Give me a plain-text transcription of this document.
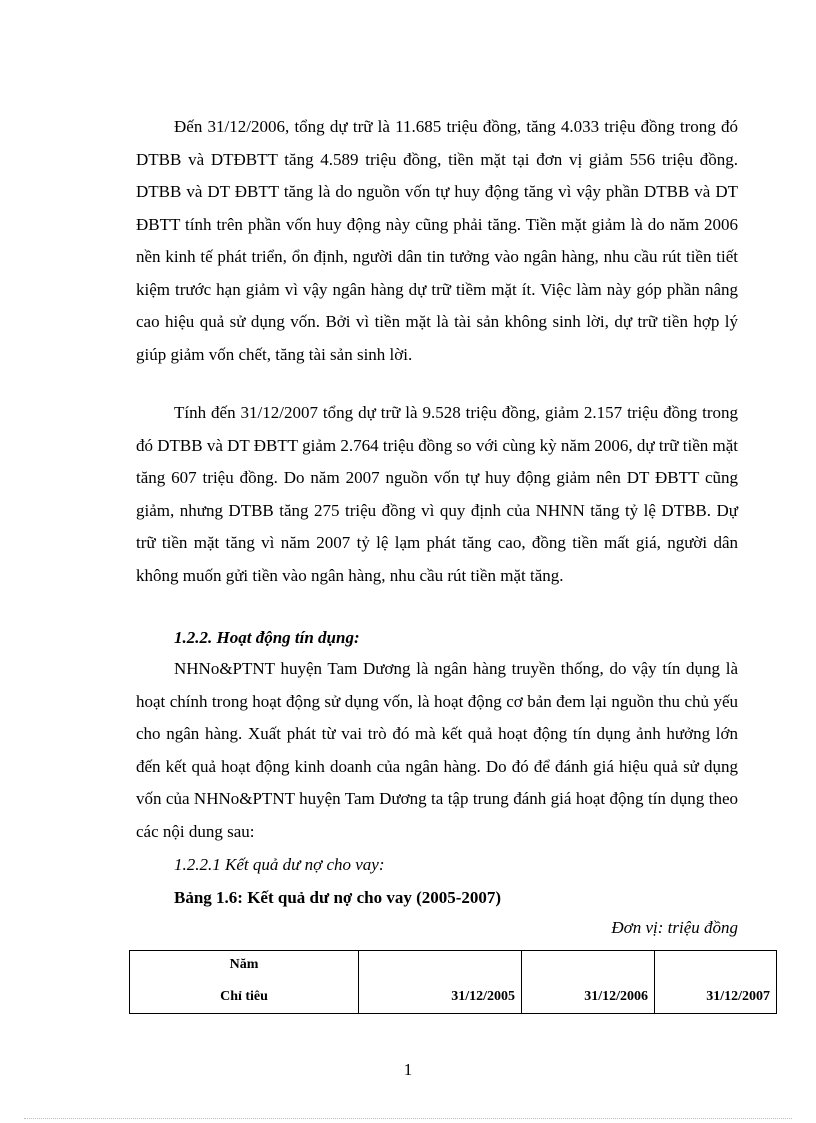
Đến 31/12/2006, tổng dự trữ là 11.685 triệu đồng, tăng 4.033 triệu đồng trong đó DTBB và DTĐBTT tăng 4.589 triệu đồng, tiền mặt tại đơn vị giảm 556 triệu đồng. DTBB và DT ĐBTT tăng là do nguồn vốn tự huy động tăng vì vậy phần DTBB và DT ĐBTT tính trên phần vốn huy động này cũng phải tăng. Tiền mặt giảm là do năm 2006 nền kinh tế phát triển, ổn định, người dân tin tưởng vào ngân hàng, nhu cầu rút tiền tiết kiệm trước hạn giảm vì vậy ngân hàng dự trữ tiềm mặt ít. Việc làm này góp phần nâng cao hiệu quả sử dụng vốn. Bởi vì tiền mặt là tài sản không sinh lời, dự trữ tiền hợp lý giúp giảm vốn chết, tăng tài sản sinh lời.

Tính đến 31/12/2007 tổng dự trữ là 9.528 triệu đồng, giảm 2.157 triệu đồng trong đó DTBB và DT ĐBTT giảm 2.764 triệu đồng so với cùng kỳ năm 2006, dự trữ tiền mặt tăng 607 triệu đồng. Do năm 2007 nguồn vốn tự huy động giảm nên DT ĐBTT cũng giảm, nhưng DTBB tăng 275 triệu đồng vì quy định của NHNN tăng tỷ lệ DTBB. Dự trữ tiền mặt tăng vì năm 2007 tỷ lệ lạm phát tăng cao, đồng tiền mất giá, người dân không muốn gửi tiền vào ngân hàng, nhu cầu rút tiền mặt tăng.

1.2.2. Hoạt động tín dụng:

NHNo&PTNT huyện Tam Dương là ngân hàng truyền thống, do vậy tín dụng là hoạt chính trong hoạt động sử dụng vốn, là hoạt động cơ bản đem lại nguồn thu chủ yếu cho ngân hàng. Xuất phát từ vai trò đó mà kết quả hoạt động tín dụng ảnh hưởng lớn đến kết quả hoạt động kinh doanh của ngân hàng. Do đó để đánh giá hiệu quả sử dụng vốn của NHNo&PTNT huyện Tam Dương ta tập trung đánh giá hoạt động tín dụng theo các nội dung sau:

1.2.2.1 Kết quả dư nợ cho vay:

Bảng 1.6: Kết quả dư nợ cho vay (2005-2007)

Đơn vị: triệu đồng

Năm
Chỉ tiêu	31/12/2005	31/12/2006	31/12/2007

1
